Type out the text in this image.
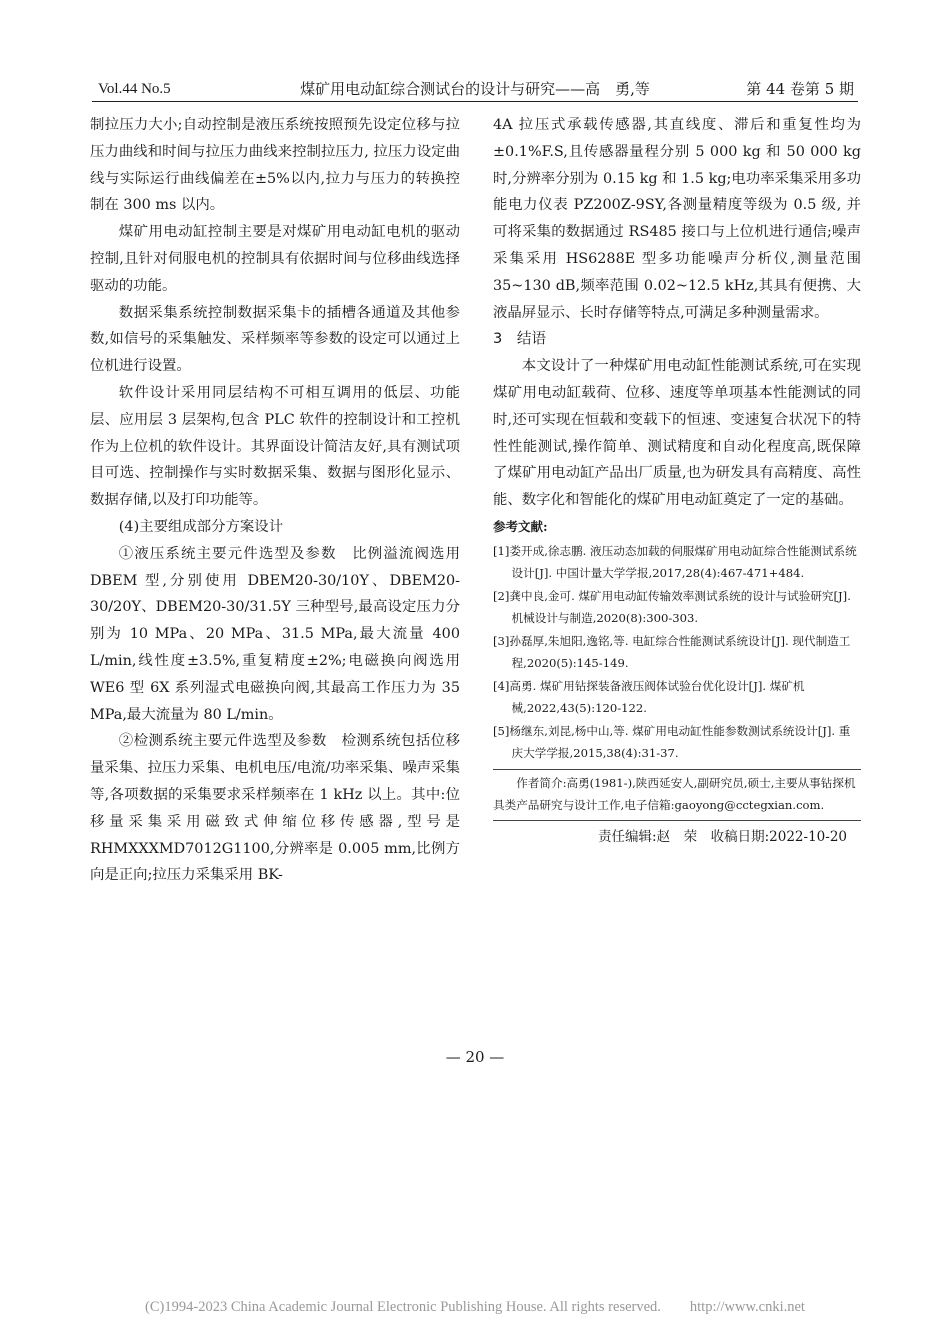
Vol.44 No.5	煤矿用电动缸综合测试台的设计与研究——高　勇,等	第 44 卷第 5 期

制拉压力大小;自动控制是液压系统按照预先设定位移与拉压力曲线和时间与拉压力曲线来控制拉压力, 拉压力设定曲线与实际运行曲线偏差在±5%以内,拉力与压力的转换控制在 300 ms 以内。

煤矿用电动缸控制主要是对煤矿用电动缸电机的驱动控制,且针对伺服电机的控制具有依据时间与位移曲线选择驱动的功能。

数据采集系统控制数据采集卡的插槽各通道及其他参数,如信号的采集触发、采样频率等参数的设定可以通过上位机进行设置。

软件设计采用同层结构不可相互调用的低层、功能层、应用层 3 层架构,包含 PLC 软件的控制设计和工控机作为上位机的软件设计。其界面设计简洁友好,具有测试项目可选、控制操作与实时数据采集、数据与图形化显示、数据存储,以及打印功能等。

(4)主要组成部分方案设计

①液压系统主要元件选型及参数　比例溢流阀选用 DBEM 型,分别使用 DBEM20-30/10Y、DBEM20-30/20Y、DBEM20-30/31.5Y 三种型号,最高设定压力分别为 10 MPa、20 MPa、31.5 MPa,最大流量 400 L/min,线性度±3.5%,重复精度±2%;电磁换向阀选用 WE6 型 6X 系列湿式电磁换向阀,其最高工作压力为 35 MPa,最大流量为 80 L/min。

②检测系统主要元件选型及参数　检测系统包括位移量采集、拉压力采集、电机电压/电流/功率采集、噪声采集等,各项数据的采集要求采样频率在 1 kHz 以上。其中:位移量采集采用磁致式伸缩位移传感器,型号是 RHMXXXMD7012G1100,分辨率是 0.005 mm,比例方向是正向;拉压力采集采用 BK-

4A 拉压式承载传感器,其直线度、滞后和重复性均为 ±0.1%F.S,且传感器量程分别 5 000 kg 和 50 000 kg 时,分辨率分别为 0.15 kg 和 1.5 kg;电功率采集采用多功能电力仪表 PZ200Z-9SY,各测量精度等级为 0.5 级, 并可将采集的数据通过 RS485 接口与上位机进行通信;噪声采集采用 HS6288E 型多功能噪声分析仪,测量范围 35~130 dB,频率范围 0.02~12.5 kHz,其具有便携、大液晶屏显示、长时存储等特点,可满足多种测量需求。

3　结语

本文设计了一种煤矿用电动缸性能测试系统,可在实现煤矿用电动缸载荷、位移、速度等单项基本性能测试的同时,还可实现在恒载和变载下的恒速、变速复合状况下的特性性能测试,操作简单、测试精度和自动化程度高,既保障了煤矿用电动缸产品出厂质量,也为研发具有高精度、高性能、数字化和智能化的煤矿用电动缸奠定了一定的基础。

参考文献:

[1]娄开成,徐志鹏. 液压动态加载的伺服煤矿用电动缸综合性能测试系统设计[J]. 中国计量大学学报,2017,28(4):467-471+484.

[2]龚中良,金可. 煤矿用电动缸传输效率测试系统的设计与试验研究[J]. 机械设计与制造,2020(8):300-303.

[3]孙磊厚,朱旭阳,逸铭,等. 电缸综合性能测试系统设计[J]. 现代制造工程,2020(5):145-149.

[4]高勇. 煤矿用钻探装备液压阀体试验台优化设计[J]. 煤矿机械,2022,43(5):120-122.

[5]杨继东,刘昆,杨中山,等. 煤矿用电动缸性能参数测试系统设计[J]. 重庆大学学报,2015,38(4):31-37.

作者简介:高勇(1981-),陕西延安人,副研究员,硕士,主要从事钻探机具类产品研究与设计工作,电子信箱:gaoyong@cctegxian.com.
责任编辑:赵　荣　收稿日期:2022-10-20
— 20 —
(C)1994-2023 China Academic Journal Electronic Publishing House. All rights reserved.　　http://www.cnki.net
